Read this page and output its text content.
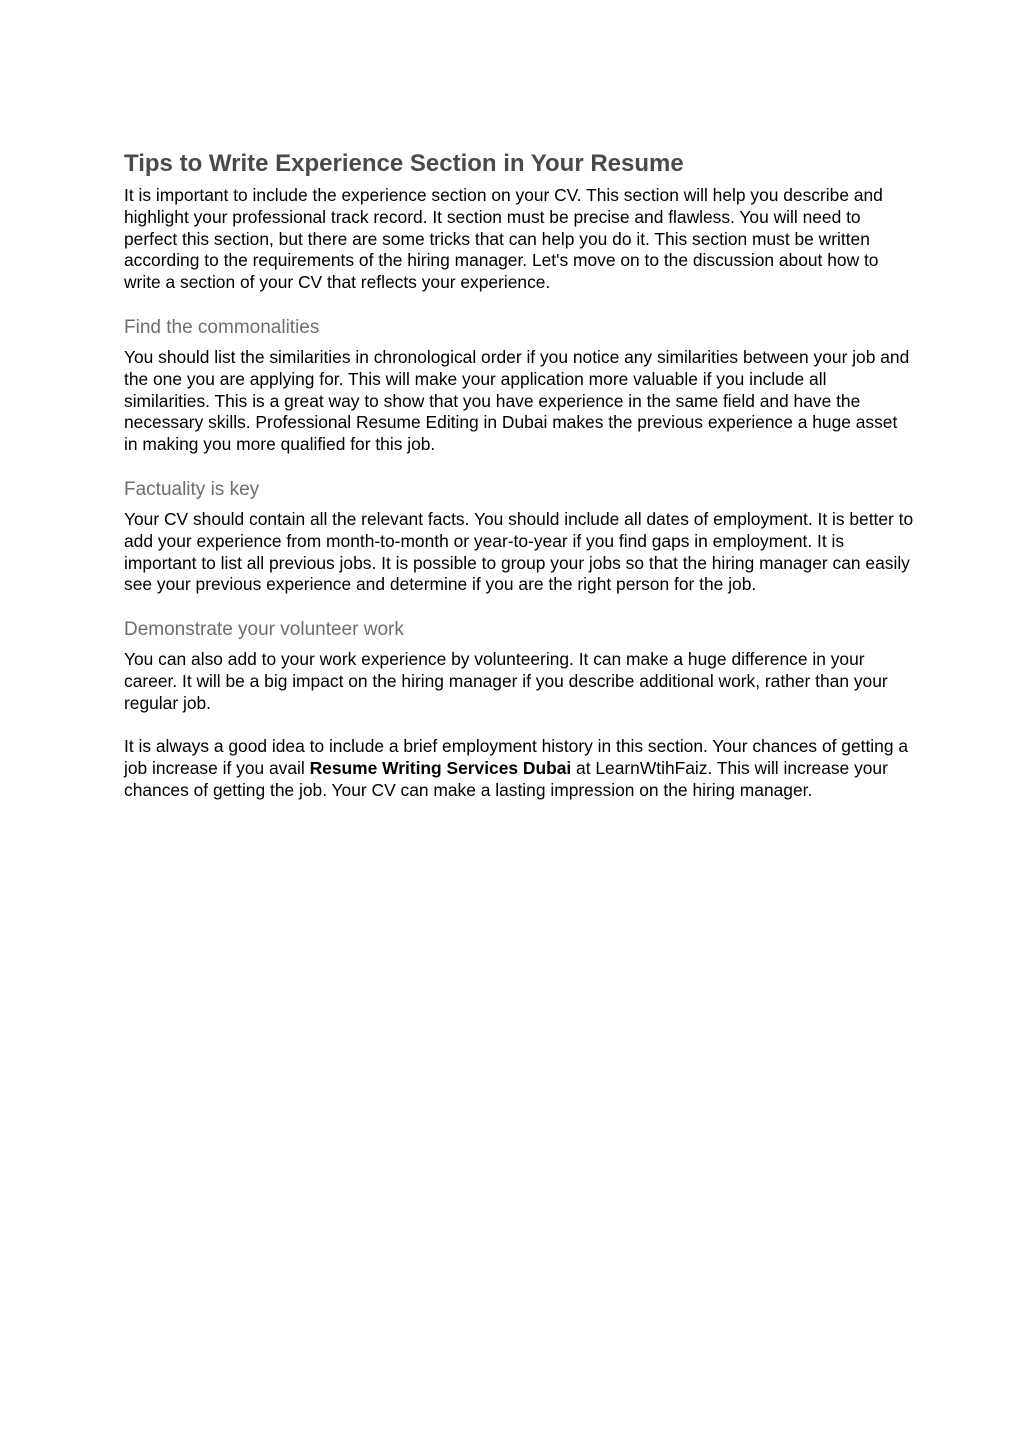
Tips to Write Experience Section in Your Resume

It is important to include the experience section on your CV. This section will help you describe and highlight your professional track record. It section must be precise and flawless. You will need to perfect this section, but there are some tricks that can help you do it. This section must be written according to the requirements of the hiring manager. Let's move on to the discussion about how to write a section of your CV that reflects your experience.

Find the commonalities

You should list the similarities in chronological order if you notice any similarities between your job and the one you are applying for. This will make your application more valuable if you include all similarities. This is a great way to show that you have experience in the same field and have the necessary skills. Professional Resume Editing in Dubai makes the previous experience a huge asset in making you more qualified for this job.

Factuality is key

Your CV should contain all the relevant facts. You should include all dates of employment. It is better to add your experience from month-to-month or year-to-year if you find gaps in employment. It is important to list all previous jobs. It is possible to group your jobs so that the hiring manager can easily see your previous experience and determine if you are the right person for the job.

Demonstrate your volunteer work

You can also add to your work experience by volunteering. It can make a huge difference in your career. It will be a big impact on the hiring manager if you describe additional work, rather than your regular job.

It is always a good idea to include a brief employment history in this section. Your chances of getting a job increase if you avail Resume Writing Services Dubai at LearnWtihFaiz. This will increase your chances of getting the job. Your CV can make a lasting impression on the hiring manager.
